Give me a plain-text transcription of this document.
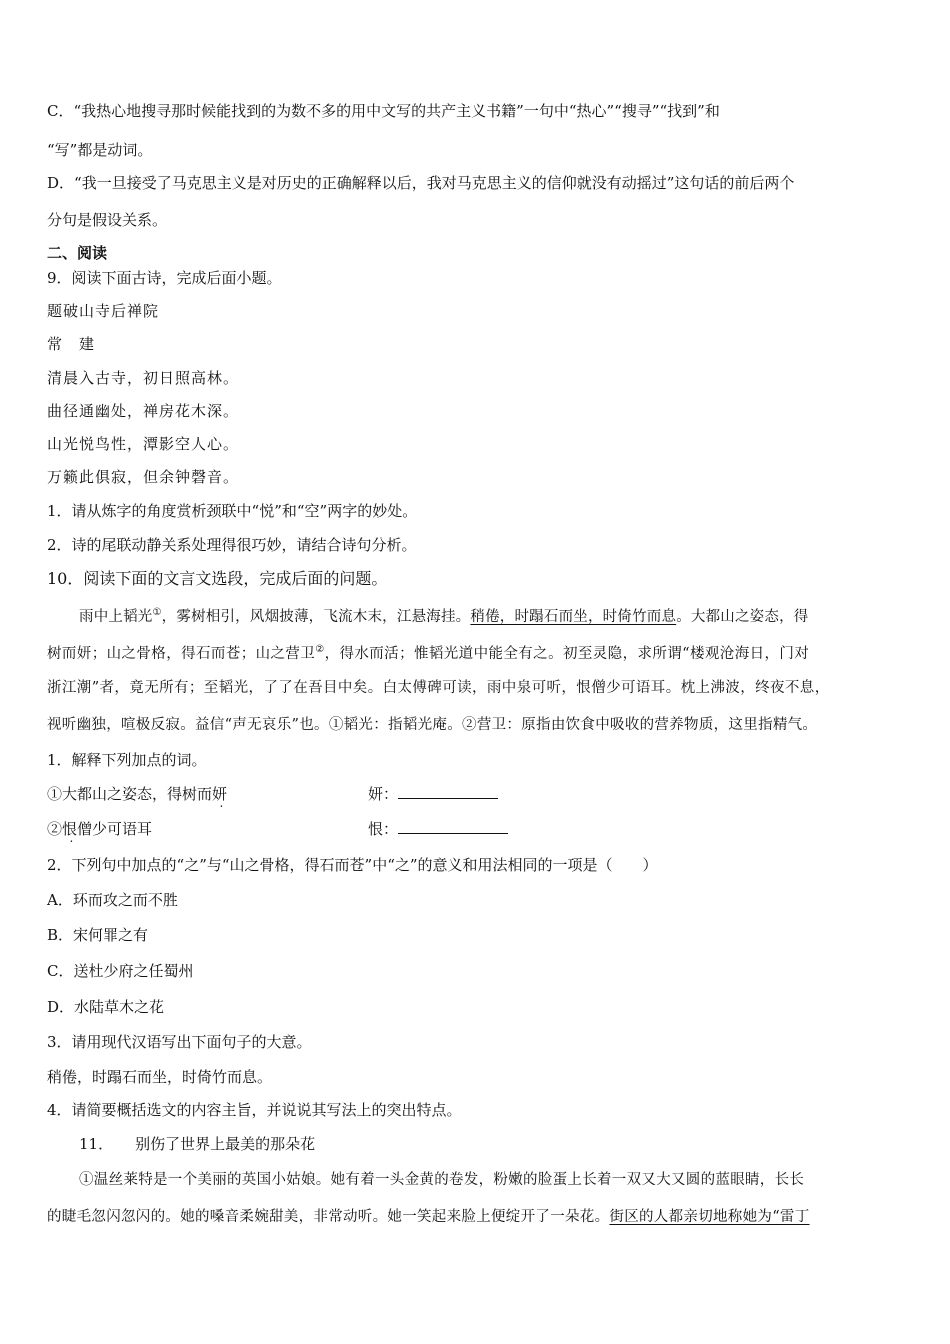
C．“我热心地搜寻那时候能找到的为数不多的用中文写的共产主义书籍”一句中“热心”“搜寻”“找到”和
“写”都是动词。
D．“我一旦接受了马克思主义是对历史的正确解释以后，我对马克思主义的信仰就没有动摇过”这句话的前后两个
分句是假设关系。
二、阅读
9．阅读下面古诗，完成后面小题。
题破山寺后禅院
常　建
清晨入古寺，初日照高林。
曲径通幽处，禅房花木深。
山光悦鸟性，潭影空人心。
万籁此俱寂，但余钟磬音。
1．请从炼字的角度赏析颈联中“悦”和“空”两字的妙处。
2．诗的尾联动静关系处理得很巧妙，请结合诗句分析。
10．阅读下面的文言文选段，完成后面的问题。
雨中上韬光①，雾树相引，风烟披薄，飞流木末，江悬海挂。稍倦，时蹋石而坐，时倚竹而息。大都山之姿态，得
树而妍；山之骨格，得石而苍；山之营卫②，得水而活；惟韬光道中能全有之。初至灵隐，求所谓“楼观沧海日，门对
浙江潮”者，竟无所有；至韬光，了了在吾目中矣。白太傅碑可读，雨中泉可听，恨僧少可语耳。枕上沸波，终夜不息，
视听幽独，喧极反寂。益信“声无哀乐”也。①韬光：指韬光庵。②营卫：原指由饮食中吸收的营养物质，这里指精气。
1．解释下列加点的词。
①大都山之姿态，得树而妍	妍：
②恨僧少可语耳	恨：
2．下列句中加点的“之”与“山之骨格，得石而苍”中“之”的意义和用法相同的一项是（　　）
A．环而攻之而不胜
B．宋何罪之有
C．送杜少府之任蜀州
D．水陆草木之花
3．请用现代汉语写出下面句子的大意。
稍倦，时蹋石而坐，时倚竹而息。
4．请简要概括选文的内容主旨，并说说其写法上的突出特点。
11． 别伤了世界上最美的那朵花
①温丝莱特是一个美丽的英国小姑娘。她有着一头金黄的卷发，粉嫩的脸蛋上长着一双又大又圆的蓝眼睛，长长
的睫毛忽闪忽闪的。她的嗓音柔婉甜美，非常动听。她一笑起来脸上便绽开了一朵花。街区的人都亲切地称她为“雷丁
